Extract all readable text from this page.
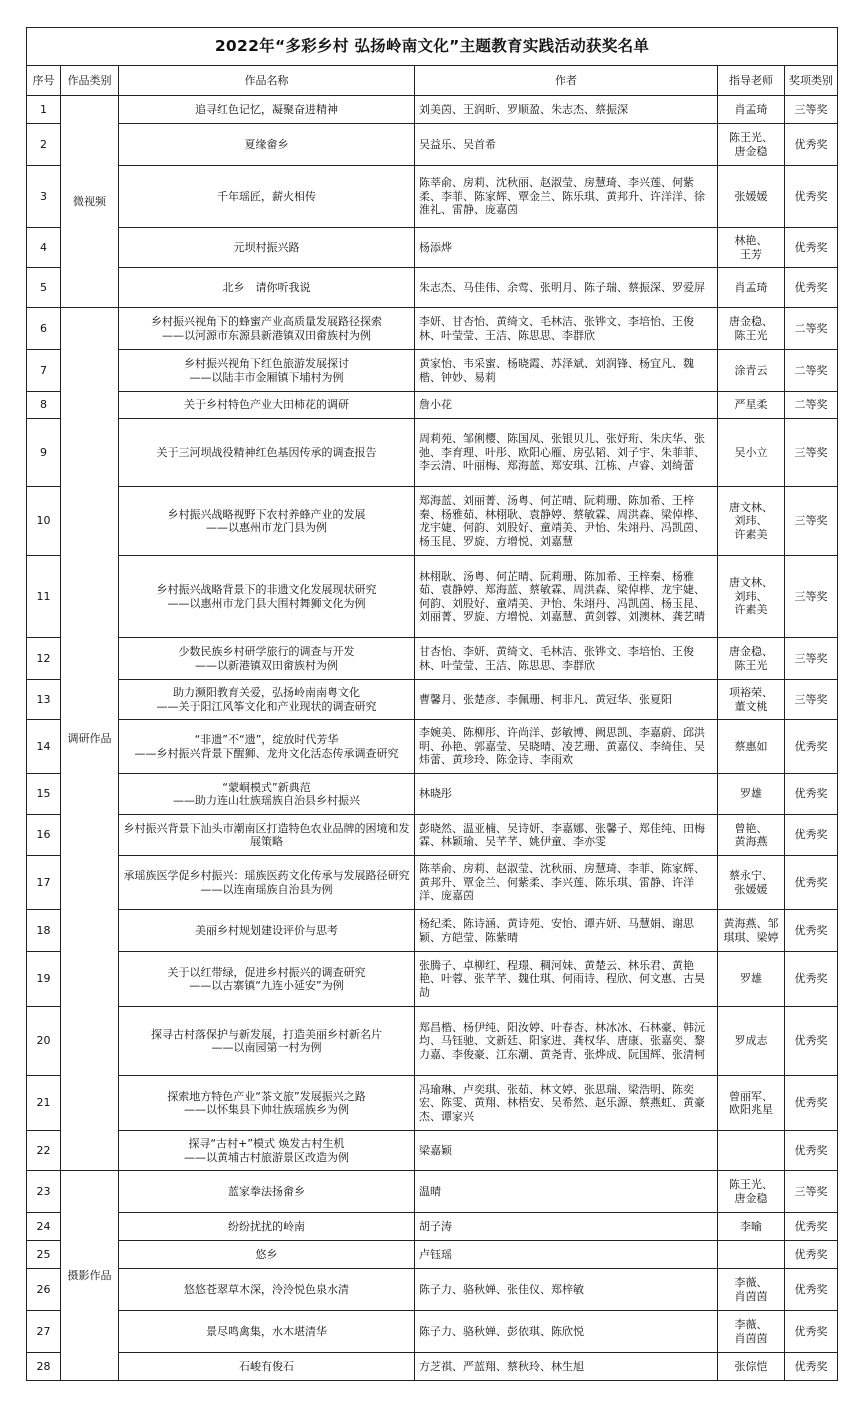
2022年“多彩乡村 弘扬岭南文化”主题教育实践活动获奖名单					
序号	作品类别	作品名称	作者	指导老师	奖项类别
1	微视频	追寻红色记忆，凝聚奋进精神	刘美茵、王润昕、罗顺盈、朱志杰、蔡振深	肖孟琦	三等奖
2		夏缘畲乡	吴益乐、吴首希	陈王光、
唐金稳	优秀奖
3		千年瑶匠，薪火相传	陈莘俞、房莉、沈秋丽、赵淑莹、房慧琦、李兴莲、何紫柔、李菲、陈家辉、覃金兰、陈乐琪、黄邦升、许洋洋、徐淮礼、雷静、庞嘉茵	张媛媛	优秀奖
4		元坝村振兴路	杨添烨	林艳、
王芳	优秀奖
5		北乡　请你听我说	朱志杰、马佳伟、余莺、张明月、陈子瑞、蔡振深、罗爱屏	肖孟琦	优秀奖
6	调研作品	乡村振兴视角下的蜂蜜产业高质量发展路径探索
——以河源市东源县新港镇双田畲族村为例	李妍、甘杏怡、黄绮文、毛林洁、张铧文、李培怡、王俊林、叶莹莹、王洁、陈思思、李群欣	唐金稳、
陈王光	二等奖
7		乡村振兴视角下红色旅游发展探讨
——以陆丰市金厢镇下埔村为例	黄家怡、韦采蜜、杨晓霞、苏泽斌、刘润锋、杨宜凡、魏楷、钟妙、易莉	涂青云	二等奖
8		关于乡村特色产业大田柿花的调研	詹小花	严星柔	二等奖
9		关于三河坝战役精神红色基因传承的调查报告	周莉苑、邹俐樱、陈国凤、张银贝儿、张妤珩、朱庆华、张弛、李育理、叶彤、欧阳心雁、房弘韬、刘子宇、朱菲菲、李云清、叶丽梅、郑海蓝、郑安琪、江栋、卢睿、刘绮蕾	吴小立	三等奖
10		乡村振兴战略视野下农村养蜂产业的发展
——以惠州市龙门县为例	郑海蓝、刘丽菁、汤粤、何芷晴、阮莉珊、陈加希、王梓秦、杨雅茹、林栩耿、袁静婷、蔡敏霖、周洪森、梁倬桦、龙宇婕、何韵、刘股好、童靖美、尹怡、朱翊丹、冯凯茵、杨玉昆、罗旋、方增悦、刘嘉慧	唐文林、
刘玮、
许素美	三等奖
11		乡村振兴战略背景下的非遗文化发展现状研究
——以惠州市龙门县大围村舞狮文化为例	林栩耿、汤粤、何芷晴、阮莉珊、陈加希、王梓秦、杨雅茹、袁静婷、郑海蓝、蔡敏霖、周洪森、梁倬桦、龙宇婕、何韵、刘股好、童靖美、尹怡、朱翊丹、冯凯茵、杨玉昆、刘丽菁、罗旋、方增悦、刘嘉慧、黄剑蓉、刘澳林、龚艺晴	唐文林、
刘玮、
许素美	三等奖
12		少数民族乡村研学旅行的调查与开发
——以新港镇双田畲族村为例	甘杏怡、李妍、黄绮文、毛林洁、张铧文、李培怡、王俊林、叶莹莹、王洁、陈思思、李群欣	唐金稳、
陈王光	三等奖
13		助力濒阳教育关爱，弘扬岭南南粤文化
——关于阳江风筝文化和产业现状的调查研究	曹馨月、张楚彦、李佩珊、柯非凡、黄冠华、张夏阳	项裕荣、
董文桃	三等奖
14		“非遗”不“遗”，绽放时代芳华
——乡村振兴背景下醒狮、龙舟文化活态传承调查研究	李婉美、陈柳彤、许尚洋、彭敏博、阙思凯、李嘉蔚、邱洪明、孙艳、郭嘉莹、吴晓晴、凌艺珊、黄嘉仪、李绮佳、吴炜蕾、黄珍玲、陈金诗、李雨欢	蔡惠如	优秀奖
15		“蒙峒模式”新典范
——助力连山壮族瑶族自治县乡村振兴	林晓彤	罗雄	优秀奖
16		乡村振兴背景下汕头市潮南区打造特色农业品牌的困境和发展策略	彭晓然、温亚楠、吴诗妍、李嘉娜、张馨子、郑佳纯、田梅霖、林颖瑜、吴芊芊、姚伊童、李亦雯	曾艳、
黄海燕	优秀奖
17		承瑶族医学促乡村振兴：瑶族医药文化传承与发展路径研究
——以连南瑶族自治县为例	陈莘俞、房莉、赵淑莹、沈秋丽、房慧琦、李菲、陈家辉、黄邦升、覃金兰、何紫柔、李兴莲、陈乐琪、雷静、许洋洋、庞嘉茵	蔡永宁、
张媛媛	优秀奖
18		美丽乡村规划建设评价与思考	杨纪柔、陈诗涵、黄诗苑、安怡、谭卉妍、马慧娟、谢思颖、方皑莹、陈紫晴	黄海燕、邹琪琪、梁婷	优秀奖
19		关于以红带绿，促进乡村振兴的调查研究
——以古寨镇“九连小延安”为例	张腾子、卓柳红、程璟、稠河妹、黄楚云、林乐君、黄艳艳、叶蓉、张芊芊、魏仕琪、何雨诗、程欣、何文惠、古昊劼	罗雄	优秀奖
20		探寻古村落保护与新发展，打造美丽乡村新名片
——以南园第一村为例	郑昌楷、杨伊纯、阳汝婷、叶春杏、林冰冰、石林豪、韩沅均、马钰驰、文新廷、阳家进、龚权华、唐康、张嘉奕、黎力嘉、李俊豪、江东潮、黄尧青、张烨成、阮国辉、张清柯	罗成志	优秀奖
21		探索地方特色产业“茶文旅”发展振兴之路
——以怀集县下帅壮族瑶族乡为例	冯瑜琳、卢奕琪、张茹、林文婷、张思瑞、梁浩明、陈奕宏、陈雯、黄翔、林梧安、吴希然、赵乐源、蔡燕虹、黄豪杰、谭家兴	曾丽军、
欧阳兆星	优秀奖
22		探寻“古村+”模式 焕发古村生机
——以黄埔古村旅游景区改造为例	梁嘉颖		优秀奖
23	摄影作品	蓝家拳法扬畲乡	温晴	陈王光、
唐金稳	三等奖
24		纷纷扰扰的岭南	胡子涛	李喻	优秀奖
25		悠乡	卢钰瑶		优秀奖
26		悠悠苍翠草木深，泠泠悦色泉水清	陈子力、骆秋婵、张佳仪、郑梓敏	李薇、
肖茵茵	优秀奖
27		景尽鸣禽集，水木堪清华	陈子力、骆秋婵、彭依琪、陈欣悦	李薇、
肖茵茵	优秀奖
28		石峻有俊石	方芝祺、严蓝翔、蔡秋玲、林生旭	张倧恺	优秀奖
